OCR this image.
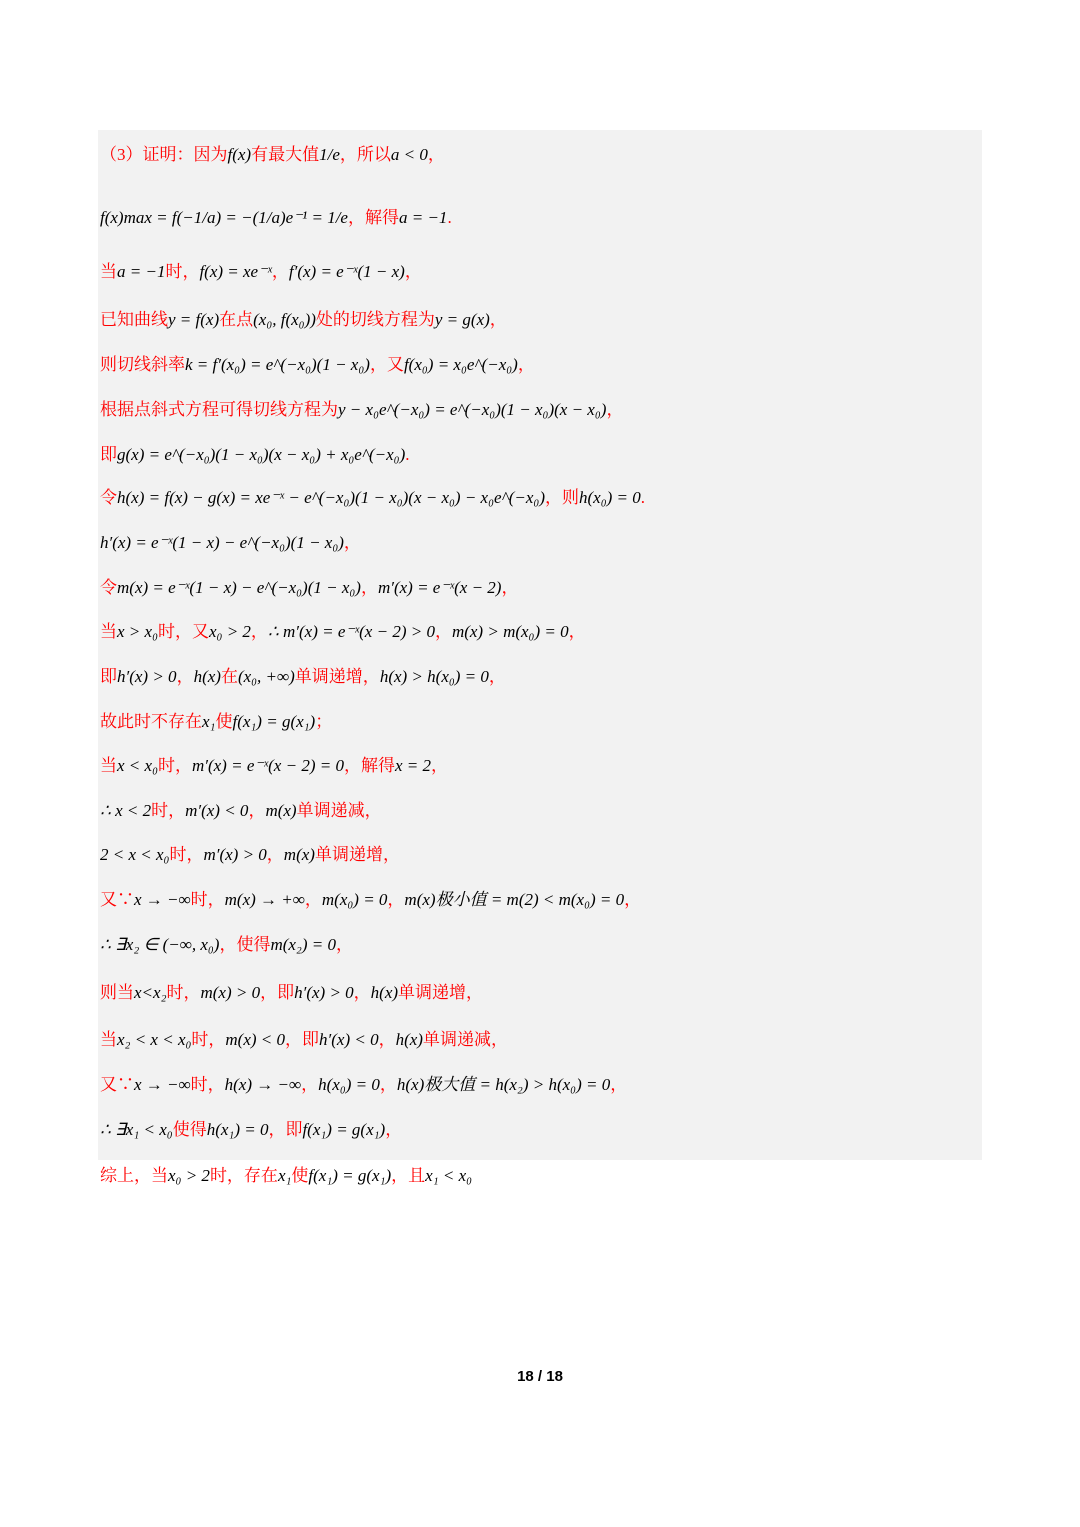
（3）证明：因为f(x)有最大值1/e，所以a < 0，
f(x)max = f(−1/a) = −(1/a)e⁻¹ = 1/e，解得a = −1.
当a = −1时，f(x) = xe⁻ˣ，f′(x) = e⁻ˣ(1 − x)，
已知曲线y = f(x)在点(x₀, f(x₀))处的切线方程为y = g(x)，
则切线斜率k = f′(x₀) = e^(−x₀)(1 − x₀)，又f(x₀) = x₀e^(−x₀)，
根据点斜式方程可得切线方程为y − x₀e^(−x₀) = e^(−x₀)(1 − x₀)(x − x₀)，
即g(x) = e^(−x₀)(1 − x₀)(x − x₀) + x₀e^(−x₀).
令h(x) = f(x) − g(x) = xe⁻ˣ − e^(−x₀)(1 − x₀)(x − x₀) − x₀e^(−x₀)，则h(x₀) = 0.
h′(x) = e⁻ˣ(1 − x) − e^(−x₀)(1 − x₀)，
令m(x) = e⁻ˣ(1 − x) − e^(−x₀)(1 − x₀)，m′(x) = e⁻ˣ(x − 2)，
当x > x₀时，又x₀ > 2，∴ m′(x) = e⁻ˣ(x − 2) > 0，m(x) > m(x₀) = 0，
即h′(x) > 0，h(x)在(x₀, +∞)单调递增，h(x) > h(x₀) = 0，
故此时不存在x₁使f(x₁) = g(x₁)；
当x < x₀时，m′(x) = e⁻ˣ(x − 2) = 0，解得x = 2，
∴ x < 2时，m′(x) < 0，m(x)单调递减，
2 < x < x₀时，m′(x) > 0，m(x)单调递增，
又∵x → −∞时，m(x) → +∞，m(x₀) = 0，m(x)极小值 = m(2) < m(x₀) = 0，
∴ ∃x₂ ∈ (−∞, x₀)，使得m(x₂) = 0，
则当x<x₂时，m(x) > 0，即h′(x) > 0，h(x)单调递增，
当x₂ < x < x₀时，m(x) < 0，即h′(x) < 0，h(x)单调递减，
又∵x → −∞时，h(x) → −∞，h(x₀) = 0，h(x)极大值 = h(x₂) > h(x₀) = 0，
∴ ∃x₁ < x₀使得h(x₁) = 0，即f(x₁) = g(x₁)，
综上，当x₀ > 2时，存在x₁使f(x₁) = g(x₁)，且x₁ < x₀
18 / 18
